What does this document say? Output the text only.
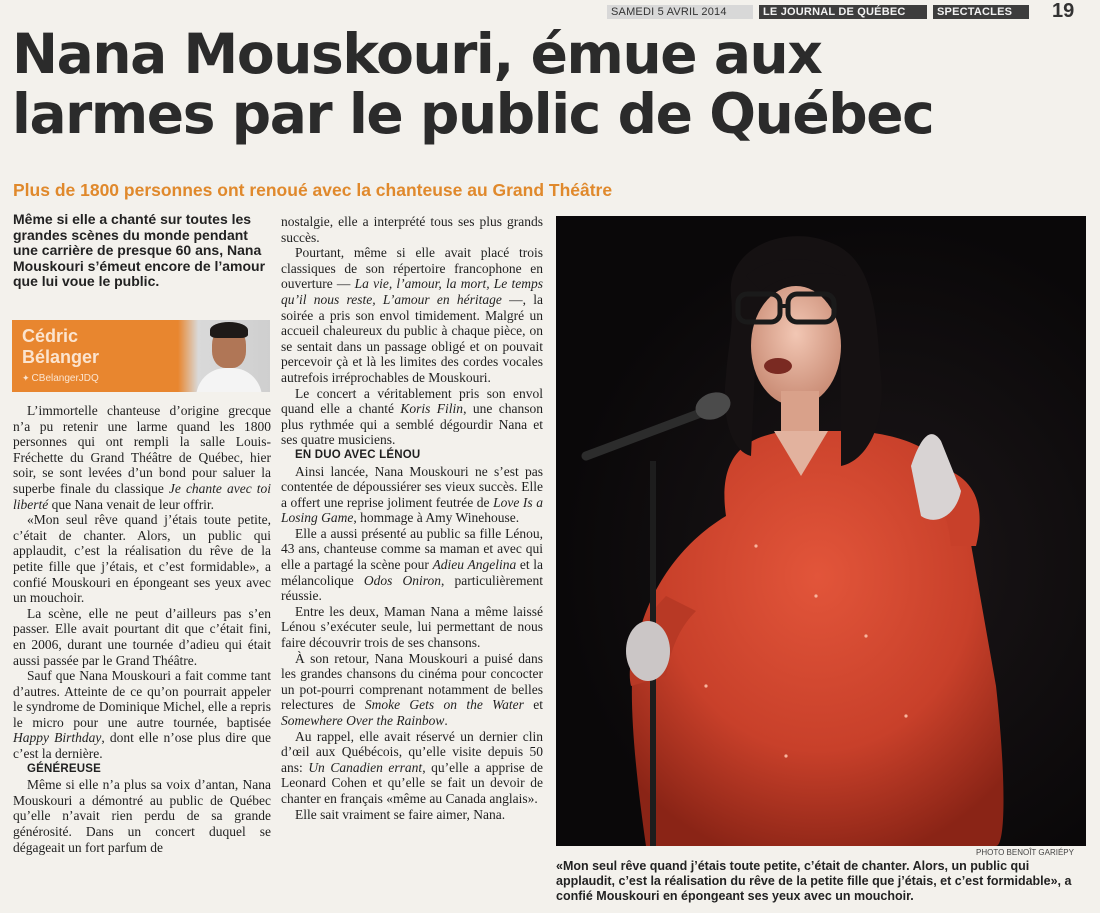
SAMEDI 5 AVRIL 2014	LE JOURNAL DE QUÉBEC	SPECTACLES	19
Nana Mouskouri, émue aux
larmes par le public de Québec
Plus de 1800 personnes ont renoué avec la chanteuse au Grand Théâtre
Même si elle a chanté sur toutes les grandes scènes du monde pendant une carrière de presque 60 ans, Nana Mouskouri s’émeut encore de l’amour que lui voue le public.
Cédric
Bélanger
✦ CBelangerJDQ

L’immortelle chanteuse d’origine grecque n’a pu retenir une larme quand les 1800 personnes qui ont rempli la salle Louis-Fréchette du Grand Théâtre de Québec, hier soir, se sont levées d’un bond pour saluer la superbe finale du classique Je chante avec toi liberté que Nana venait de leur offrir.

«Mon seul rêve quand j’étais toute petite, c’était de chanter. Alors, un public qui applaudit, c’est la réalisation du rêve de la petite fille que j’étais, et c’est formidable», a confié Mouskouri en épongeant ses yeux avec un mouchoir.

La scène, elle ne peut d’ailleurs pas s’en passer. Elle avait pourtant dit que c’était fini, en 2006, durant une tournée d’adieu qui était aussi passée par le Grand Théâtre.

Sauf que Nana Mouskouri a fait comme tant d’autres. Atteinte de ce qu’on pourrait appeler le syndrome de Dominique Michel, elle a repris le micro pour une autre tournée, baptisée Happy Birthday, dont elle n’ose plus dire que c’est la dernière.

GÉNÉREUSE

Même si elle n’a plus sa voix d’antan, Nana Mouskouri a démontré au public de Québec qu’elle n’avait rien perdu de sa grande générosité. Dans un concert duquel se dégageait un fort parfum de

nostalgie, elle a interprété tous ses plus grands succès.

Pourtant, même si elle avait placé trois classiques de son répertoire francophone en ouverture — La vie, l’amour, la mort, Le temps qu’il nous reste, L’amour en héritage —, la soirée a pris son envol timidement. Malgré un accueil chaleureux du public à chaque pièce, on se sentait dans un passage obligé et on pouvait percevoir çà et là les limites des cordes vocales autrefois irréprochables de Mouskouri.

Le concert a véritablement pris son envol quand elle a chanté Koris Filin, une chanson plus rythmée qui a semblé dégourdir Nana et ses quatre musiciens.

EN DUO AVEC LÉNOU

Ainsi lancée, Nana Mouskouri ne s’est pas contentée de dépoussiérer ses vieux succès. Elle a offert une reprise joliment feutrée de Love Is a Losing Game, hommage à Amy Winehouse.

Elle a aussi présenté au public sa fille Lénou, 43 ans, chanteuse comme sa maman et avec qui elle a partagé la scène pour Adieu Angelina et la mélancolique Odos Oniron, particulièrement réussie.

Entre les deux, Maman Nana a même laissé Lénou s’exécuter seule, lui permettant de nous faire découvrir trois de ses chansons.

À son retour, Nana Mouskouri a puisé dans les grandes chansons du cinéma pour concocter un pot-pourri comprenant notamment de belles relectures de Smoke Gets on the Water et Somewhere Over the Rainbow.

Au rappel, elle avait réservé un dernier clin d’œil aux Québécois, qu’elle visite depuis 50 ans: Un Canadien errant, qu’elle a apprise de Leonard Cohen et qu’elle se fait un devoir de chanter en français «même au Canada anglais».

Elle sait vraiment se faire aimer, Nana.

PHOTO BENOÎT GARIÉPY
«Mon seul rêve quand j’étais toute petite, c’était de chanter. Alors, un public qui applaudit, c’est la réalisation du rêve de la petite fille que j’étais, et c’est formidable», a confié Mouskouri en épongeant ses yeux avec un mouchoir.
